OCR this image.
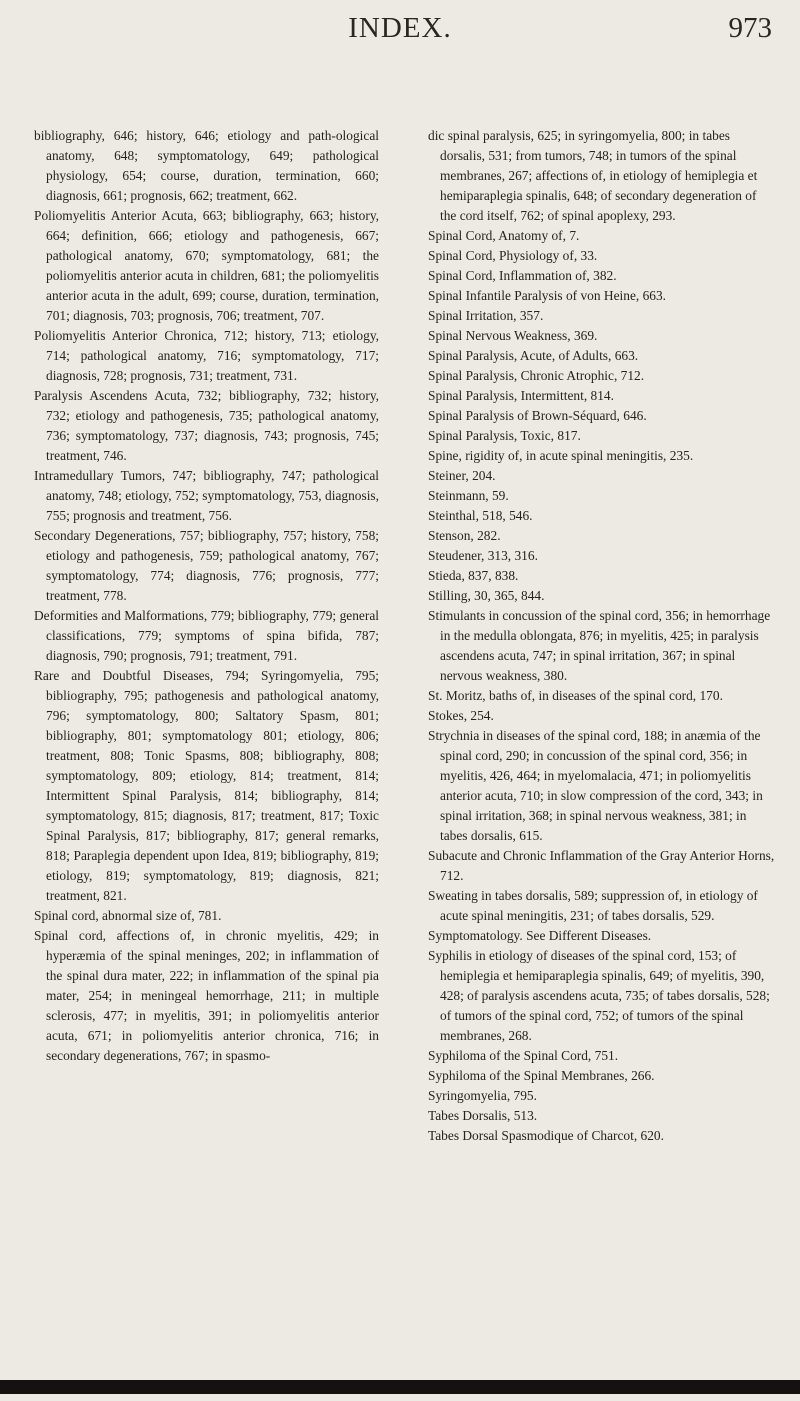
INDEX.	973

bibliography, 646; history, 646; etiology and path-ological anatomy, 648; symptomatology, 649; pathological physiology, 654; course, duration, termination, 660; diagnosis, 661; prognosis, 662; treatment, 662.

Poliomyelitis Anterior Acuta, 663; bibliography, 663; history, 664; definition, 666; etiology and pathogenesis, 667; pathological anatomy, 670; symptomatology, 681; the poliomyelitis anterior acuta in children, 681; the poliomyelitis anterior acuta in the adult, 699; course, duration, termination, 701; diagnosis, 703; prognosis, 706; treatment, 707.

Poliomyelitis Anterior Chronica, 712; history, 713; etiology, 714; pathological anatomy, 716; symptomatology, 717; diagnosis, 728; prognosis, 731; treatment, 731.

Paralysis Ascendens Acuta, 732; bibliography, 732; history, 732; etiology and pathogenesis, 735; pathological anatomy, 736; symptomatology, 737; diagnosis, 743; prognosis, 745; treatment, 746.

Intramedullary Tumors, 747; bibliography, 747; pathological anatomy, 748; etiology, 752; symptomatology, 753, diagnosis, 755; prognosis and treatment, 756.

Secondary Degenerations, 757; bibliography, 757; history, 758; etiology and pathogenesis, 759; pathological anatomy, 767; symptomatology, 774; diagnosis, 776; prognosis, 777; treatment, 778.

Deformities and Malformations, 779; bibliography, 779; general classifications, 779; symptoms of spina bifida, 787; diagnosis, 790; prognosis, 791; treatment, 791.

Rare and Doubtful Diseases, 794; Syringomyelia, 795; bibliography, 795; pathogenesis and pathological anatomy, 796; symptomatology, 800; Saltatory Spasm, 801; bibliography, 801; symptomatology 801; etiology, 806; treatment, 808; Tonic Spasms, 808; bibliography, 808; symptomatology, 809; etiology, 814; treatment, 814; Intermittent Spinal Paralysis, 814; bibliography, 814; symptomatology, 815; diagnosis, 817; treatment, 817; Toxic Spinal Paralysis, 817; bibliography, 817; general remarks, 818; Paraplegia dependent upon Idea, 819; bibliography, 819; etiology, 819; symptomatology, 819; diagnosis, 821; treatment, 821.

Spinal cord, abnormal size of, 781.

Spinal cord, affections of, in chronic myelitis, 429; in hyperæmia of the spinal meninges, 202; in inflammation of the spinal dura mater, 222; in inflammation of the spinal pia mater, 254; in meningeal hemorrhage, 211; in multiple sclerosis, 477; in myelitis, 391; in poliomyelitis anterior acuta, 671; in poliomyelitis anterior chronica, 716; in secondary degenerations, 767; in spasmo-

dic spinal paralysis, 625; in syringomyelia, 800; in tabes dorsalis, 531; from tumors, 748; in tumors of the spinal membranes, 267; affections of, in etiology of hemiplegia et hemiparaplegia spinalis, 648; of secondary degeneration of the cord itself, 762; of spinal apoplexy, 293.

Spinal Cord, Anatomy of, 7.

Spinal Cord, Physiology of, 33.

Spinal Cord, Inflammation of, 382.

Spinal Infantile Paralysis of von Heine, 663.

Spinal Irritation, 357.

Spinal Nervous Weakness, 369.

Spinal Paralysis, Acute, of Adults, 663.

Spinal Paralysis, Chronic Atrophic, 712.

Spinal Paralysis, Intermittent, 814.

Spinal Paralysis of Brown-Séquard, 646.

Spinal Paralysis, Toxic, 817.

Spine, rigidity of, in acute spinal meningitis, 235.

Steiner, 204.

Steinmann, 59.

Steinthal, 518, 546.

Stenson, 282.

Steudener, 313, 316.

Stieda, 837, 838.

Stilling, 30, 365, 844.

Stimulants in concussion of the spinal cord, 356; in hemorrhage in the medulla oblongata, 876; in myelitis, 425; in paralysis ascendens acuta, 747; in spinal irritation, 367; in spinal nervous weakness, 380.

St. Moritz, baths of, in diseases of the spinal cord, 170.

Stokes, 254.

Strychnia in diseases of the spinal cord, 188; in anæmia of the spinal cord, 290; in concussion of the spinal cord, 356; in myelitis, 426, 464; in myelomalacia, 471; in poliomyelitis anterior acuta, 710; in slow compression of the cord, 343; in spinal irritation, 368; in spinal nervous weakness, 381; in tabes dorsalis, 615.

Subacute and Chronic Inflammation of the Gray Anterior Horns, 712.

Sweating in tabes dorsalis, 589; suppression of, in etiology of acute spinal meningitis, 231; of tabes dorsalis, 529.

Symptomatology. See Different Diseases.

Syphilis in etiology of diseases of the spinal cord, 153; of hemiplegia et hemiparaplegia spinalis, 649; of myelitis, 390, 428; of paralysis ascendens acuta, 735; of tabes dorsalis, 528; of tumors of the spinal cord, 752; of tumors of the spinal membranes, 268.

Syphiloma of the Spinal Cord, 751.

Syphiloma of the Spinal Membranes, 266.

Syringomyelia, 795.

Tabes Dorsalis, 513.

Tabes Dorsal Spasmodique of Charcot, 620.
